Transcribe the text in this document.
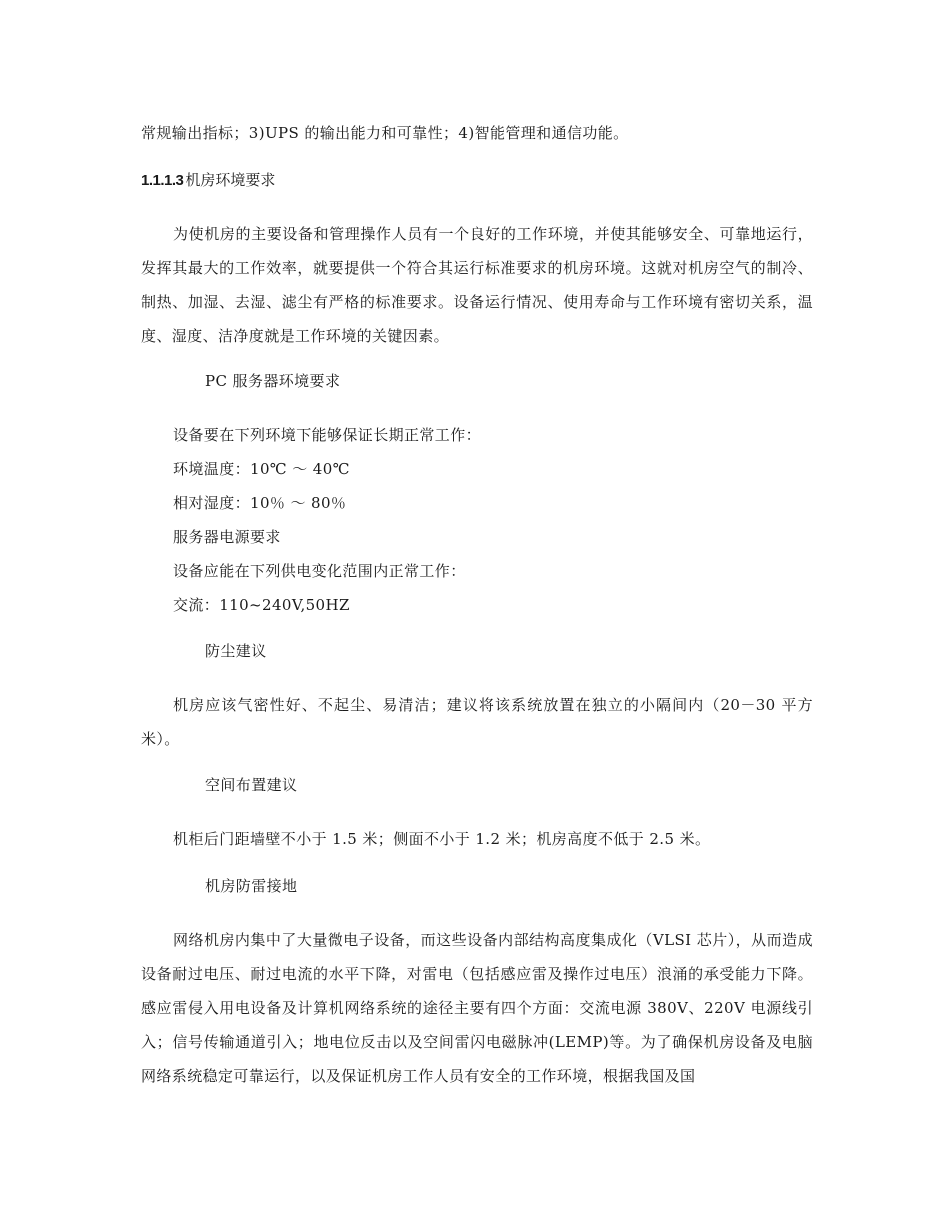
常规输出指标；3)UPS 的输出能力和可靠性；4)智能管理和通信功能。
1.1.1.3 机房环境要求
为使机房的主要设备和管理操作人员有一个良好的工作环境，并使其能够安全、可靠地运行，发挥其最大的工作效率，就要提供一个符合其运行标准要求的机房环境。这就对机房空气的制冷、制热、加湿、去湿、滤尘有严格的标准要求。设备运行情况、使用寿命与工作环境有密切关系，温度、湿度、洁净度就是工作环境的关键因素。
PC 服务器环境要求
设备要在下列环境下能够保证长期正常工作：
环境温度：10℃ ～ 40℃
相对湿度：10％ ～ 80％
服务器电源要求
设备应能在下列供电变化范围内正常工作：
交流：110~240V,50HZ
防尘建议
机房应该气密性好、不起尘、易清洁；建议将该系统放置在独立的小隔间内（20－30 平方米）。
空间布置建议
机柜后门距墙壁不小于 1.5 米；侧面不小于 1.2 米；机房高度不低于 2.5 米。
机房防雷接地
网络机房内集中了大量微电子设备，而这些设备内部结构高度集成化（VLSI 芯片），从而造成设备耐过电压、耐过电流的水平下降，对雷电（包括感应雷及操作过电压）浪涌的承受能力下降。感应雷侵入用电设备及计算机网络系统的途径主要有四个方面：交流电源 380V、220V 电源线引入；信号传输通道引入；地电位反击以及空间雷闪电磁脉冲(LEMP)等。为了确保机房设备及电脑网络系统稳定可靠运行，以及保证机房工作人员有安全的工作环境，根据我国及国
